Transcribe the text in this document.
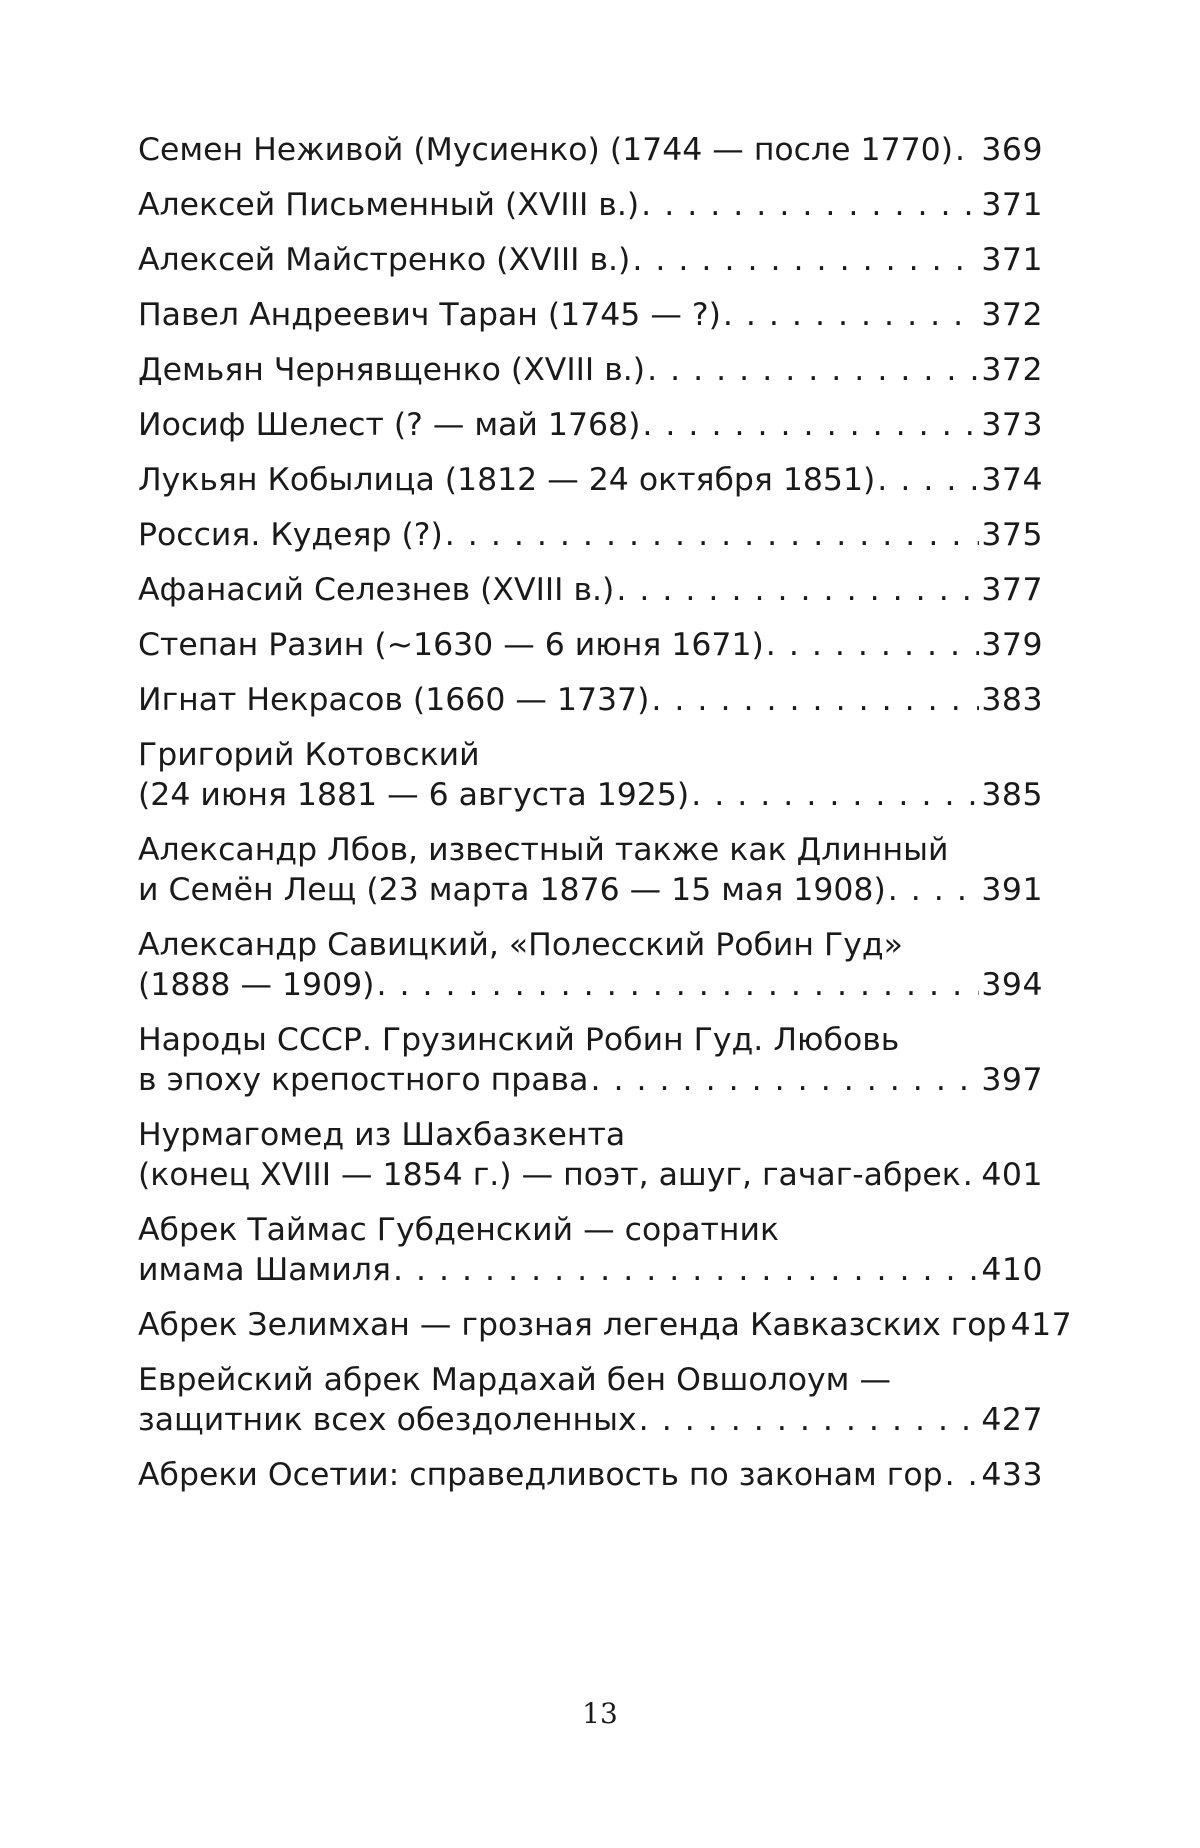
Семен Неживой (Мусиенко) (1744 — после 1770) . . . 369
Алексей Письменный (XVIII в.) . . .	371
Алексей Майстренко (XVIII в.) . . .	371
Павел Андреевич Таран (1745 — ?) . . .	372
Демьян Чернявщенко (XVIII в.) . . .	372
Иосиф Шелест (? — май 1768) . . .	373
Лукьян Кобылица (1812 — 24 октября 1851) . . .	374
Россия. Кудеяр (?) . . .	375
Афанасий Селезнев (XVIII в.) . . .	377
Степан Разин (~1630 — 6 июня 1671) . . .	379
Игнат Некрасов (1660 — 1737) . . .	383
Григорий Котовский
(24 июня 1881 — 6 августа 1925) . . .	385
Александр Лбов, известный также как Длинный
и Семён Лещ (23 марта 1876 — 15 мая 1908) . . .	391
Александр Савицкий, «Полесский Робин Гуд»
(1888 — 1909) . . .	394
Народы СССР. Грузинский Робин Гуд. Любовь
в эпоху крепостного права . . .	397
Нурмагомед из Шахбазкента
(конец XVIII — 1854 г.) — поэт, ашуг, гачаг-абрек . . . 401
Абрек Таймас Губденский — соратник
имама Шамиля . . .	410
Абрек Зелимхан — грозная легенда Кавказских гор 417
Еврейский абрек Мардахай бен Овшолоум —
защитник всех обездоленных . . .	427
Абреки Осетии: справедливость по законам гор . . . 433
13
